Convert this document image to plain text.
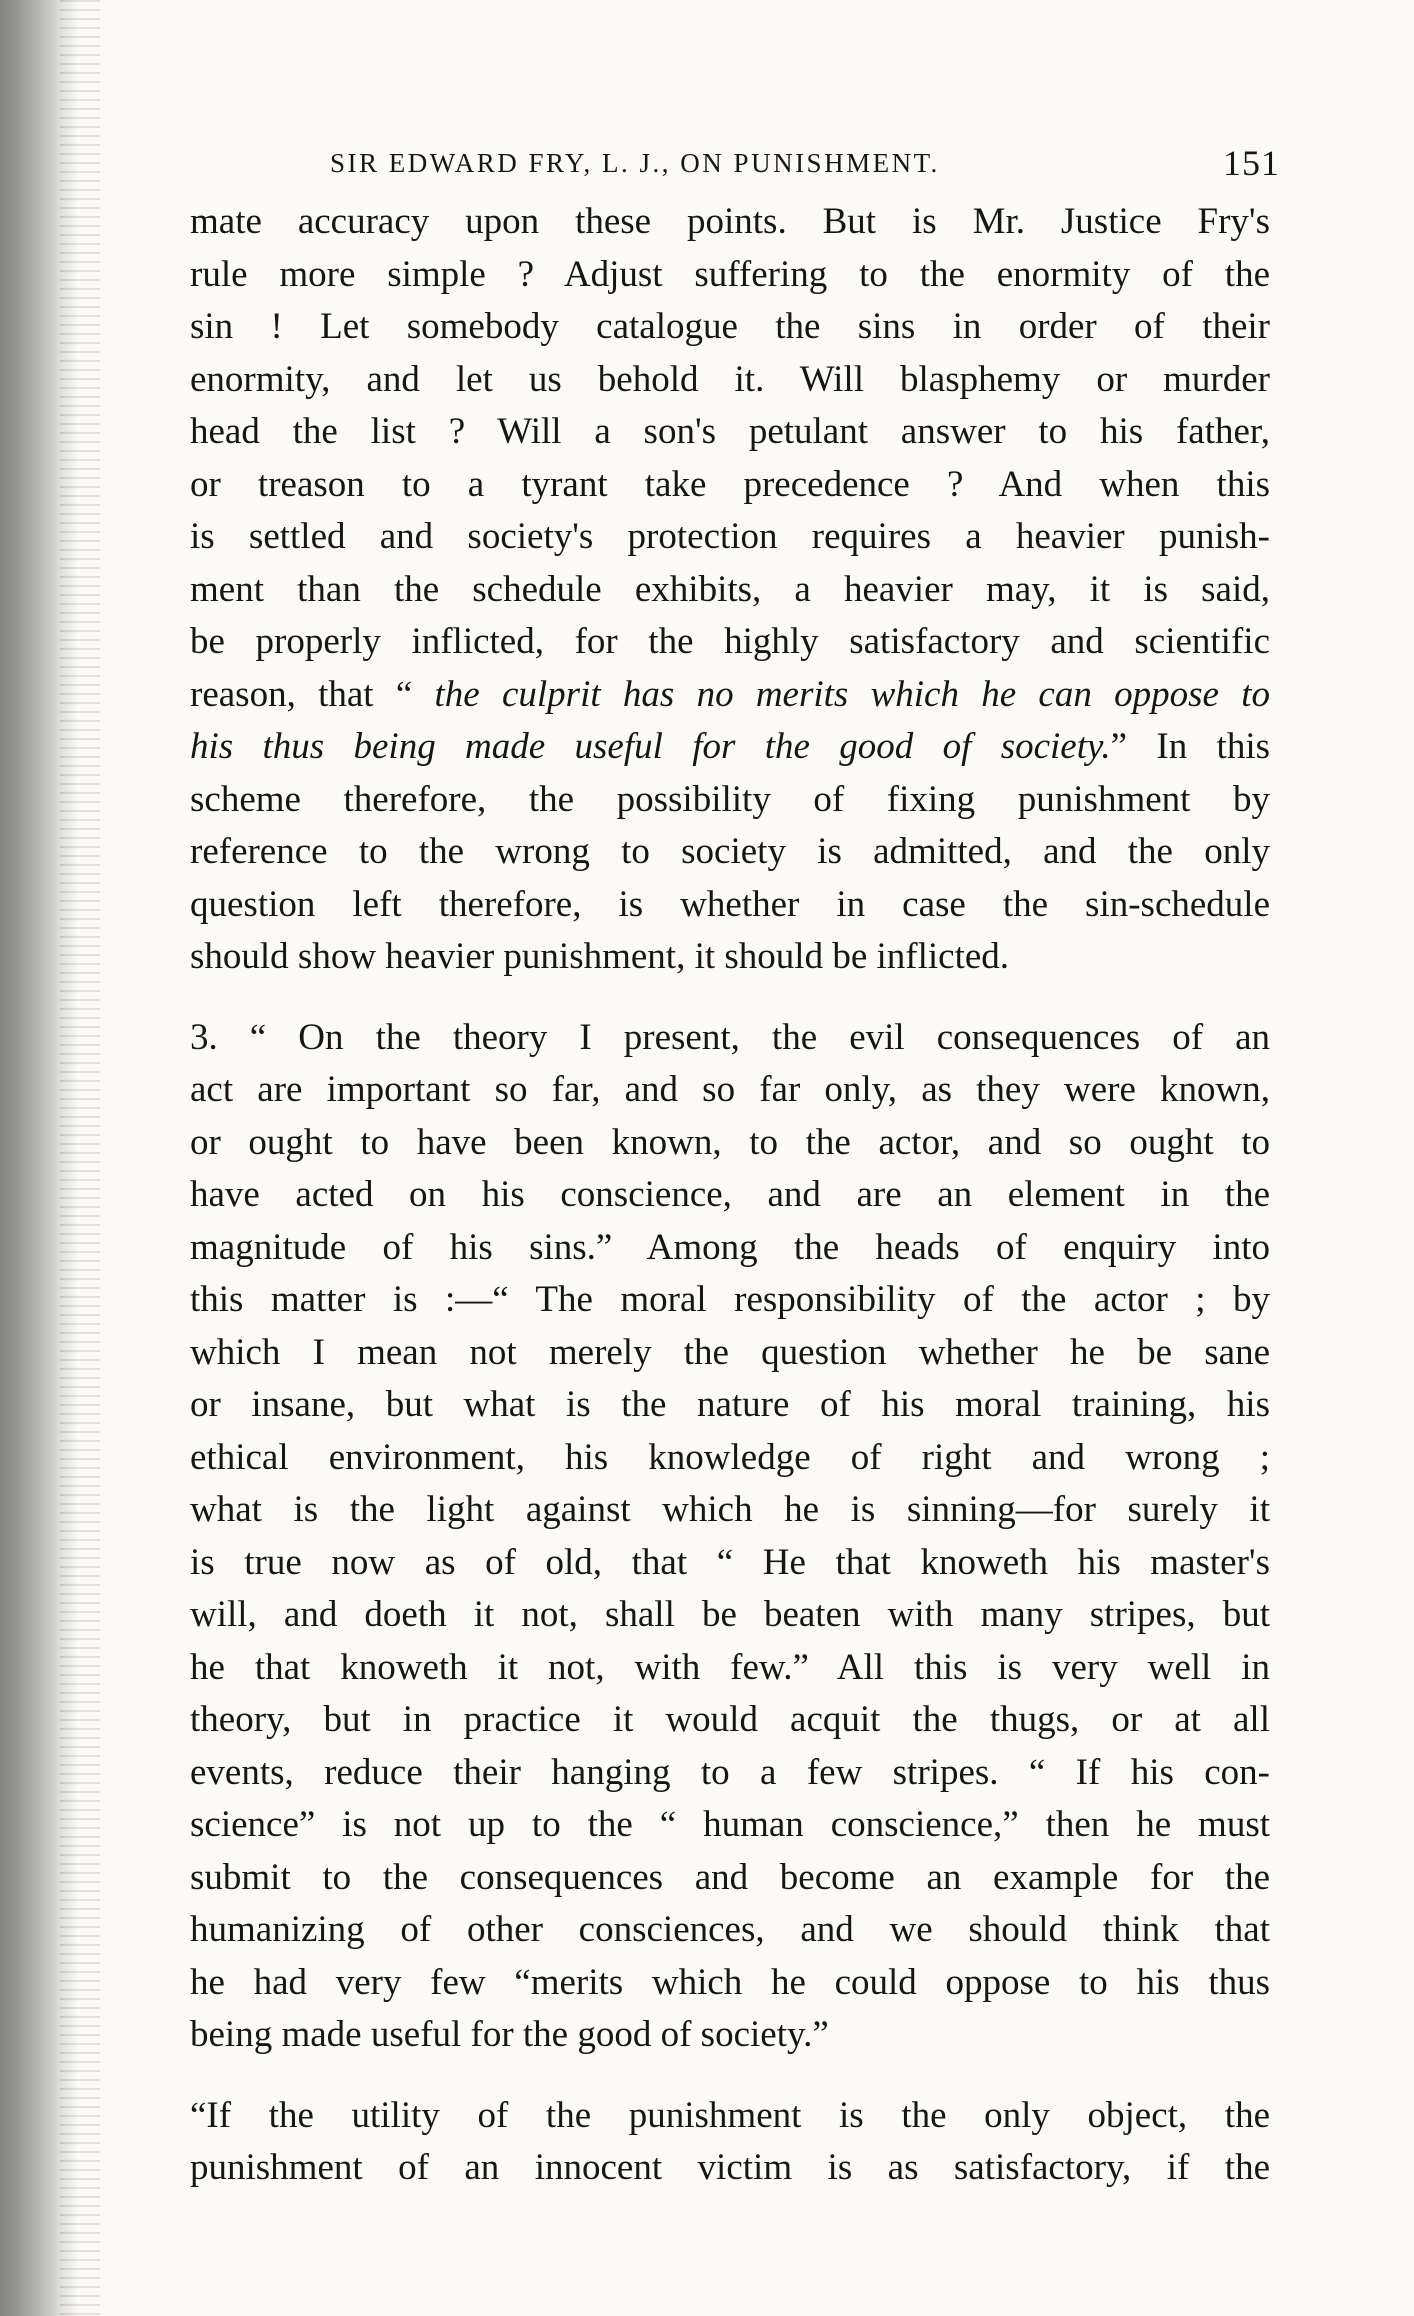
SIR EDWARD FRY, L. J., ON PUNISHMENT.	151
mate accuracy upon these points. But is Mr. Justice Fry's
rule more simple ? Adjust suffering to the enormity of the
sin ! Let somebody catalogue the sins in order of their
enormity, and let us behold it. Will blasphemy or murder
head the list ? Will a son's petulant answer to his father,
or treason to a tyrant take precedence ? And when this
is settled and society's protection requires a heavier punish-
ment than the schedule exhibits, a heavier may, it is said,
be properly inflicted, for the highly satisfactory and scientific
reason, that “ the culprit has no merits which he can oppose to
his thus being made useful for the good of society.” In this
scheme therefore, the possibility of fixing punishment by
reference to the wrong to society is admitted, and the only
question left therefore, is whether in case the sin-schedule
should show heavier punishment, it should be inflicted.
3. “ On the theory I present, the evil consequences of an
act are important so far, and so far only, as they were known,
or ought to have been known, to the actor, and so ought to
have acted on his conscience, and are an element in the
magnitude of his sins.” Among the heads of enquiry into
this matter is :—“ The moral responsibility of the actor ; by
which I mean not merely the question whether he be sane
or insane, but what is the nature of his moral training, his
ethical environment, his knowledge of right and wrong ;
what is the light against which he is sinning—for surely it
is true now as of old, that “ He that knoweth his master's
will, and doeth it not, shall be beaten with many stripes, but
he that knoweth it not, with few.” All this is very well in
theory, but in practice it would acquit the thugs, or at all
events, reduce their hanging to a few stripes. “ If his con-
science” is not up to the “ human conscience,” then he must
submit to the consequences and become an example for the
humanizing of other consciences, and we should think that
he had very few “merits which he could oppose to his thus
being made useful for the good of society.”
“If the utility of the punishment is the only object, the
punishment of an innocent victim is as satisfactory, if the
